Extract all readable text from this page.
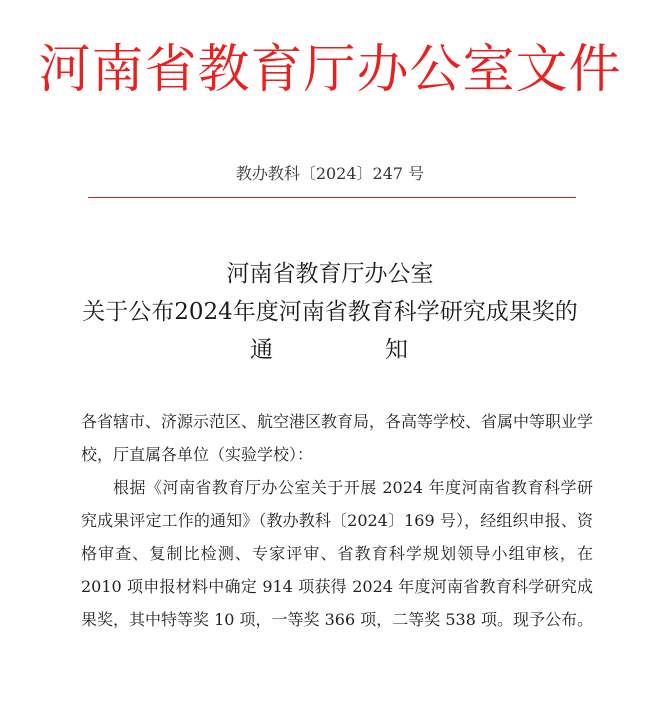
河南省教育厅办公室文件
教办教科〔2024〕247 号
河南省教育厅办公室
关于公布2024年度河南省教育科学研究成果奖的
通	知

各省辖市、济源示范区、航空港区教育局，各高等学校、省属中等职业学校，厅直属各单位（实验学校）：

根据《河南省教育厅办公室关于开展 2024 年度河南省教育科学研究成果评定工作的通知》（教办教科〔2024〕169 号），经组织申报、资格审查、复制比检测、专家评审、省教育科学规划领导小组审核，在 2010 项申报材料中确定 914 项获得 2024 年度河南省教育科学研究成果奖，其中特等奖 10 项，一等奖 366 项，二等奖 538 项。现予公布。
